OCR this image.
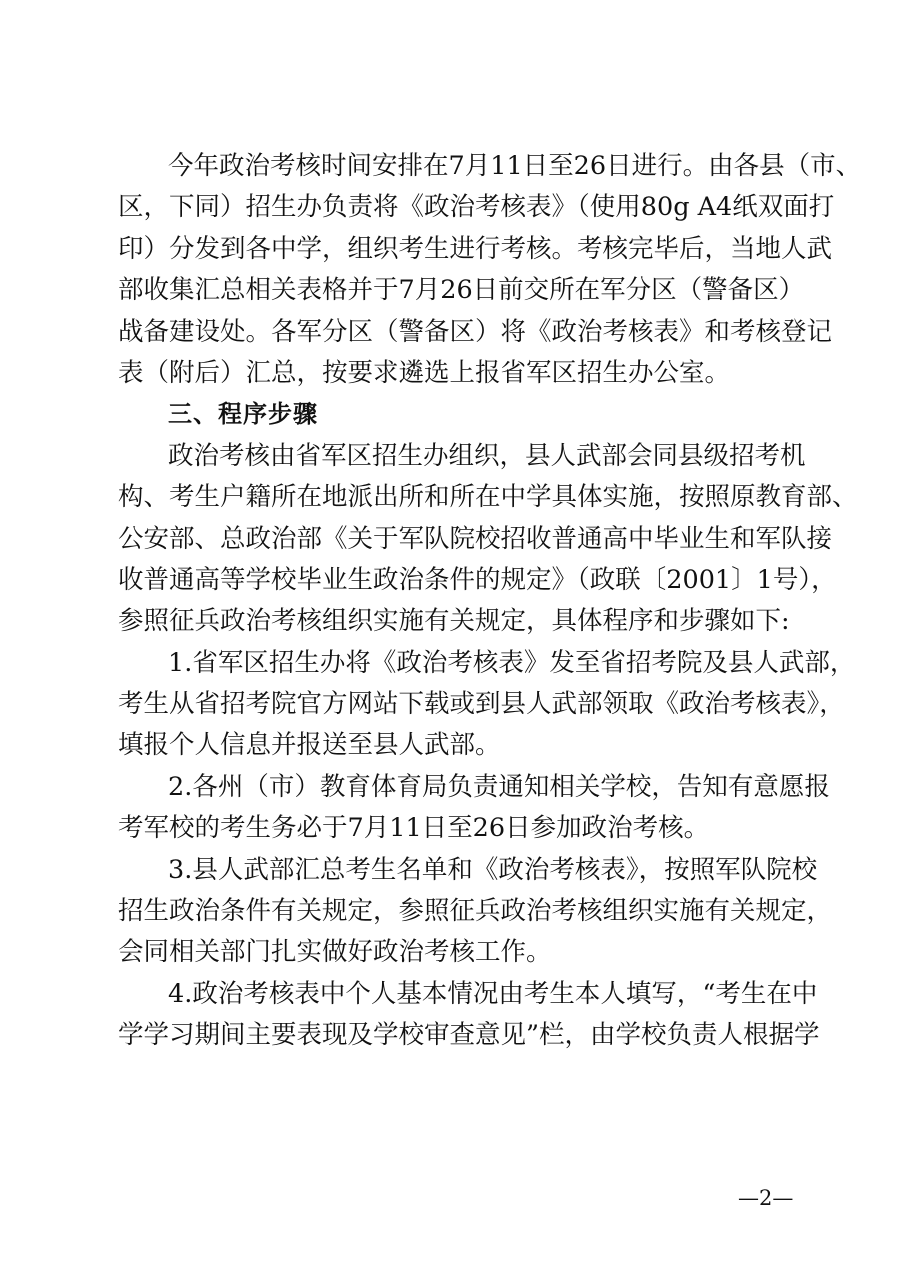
今年政治考核时间安排在7月11日至26日进行。由各县（市、
区，下同）招生办负责将《政治考核表》（使用80g A4纸双面打
印）分发到各中学，组织考生进行考核。考核完毕后，当地人武
部收集汇总相关表格并于7月26日前交所在军分区（警备区）
战备建设处。各军分区（警备区）将《政治考核表》和考核登记
表（附后）汇总，按要求遴选上报省军区招生办公室。
三、程序步骤
政治考核由省军区招生办组织，县人武部会同县级招考机
构、考生户籍所在地派出所和所在中学具体实施，按照原教育部、
公安部、总政治部《关于军队院校招收普通高中毕业生和军队接
收普通高等学校毕业生政治条件的规定》（政联〔2001〕1号），
参照征兵政治考核组织实施有关规定，具体程序和步骤如下:
1.省军区招生办将《政治考核表》发至省招考院及县人武部，
考生从省招考院官方网站下载或到县人武部领取《政治考核表》，
填报个人信息并报送至县人武部。
2.各州（市）教育体育局负责通知相关学校，告知有意愿报
考军校的考生务必于7月11日至26日参加政治考核。
3.县人武部汇总考生名单和《政治考核表》，按照军队院校
招生政治条件有关规定，参照征兵政治考核组织实施有关规定，
会同相关部门扎实做好政治考核工作。
4.政治考核表中个人基本情况由考生本人填写，“考生在中
学学习期间主要表现及学校审查意见”栏，由学校负责人根据学
—2—
